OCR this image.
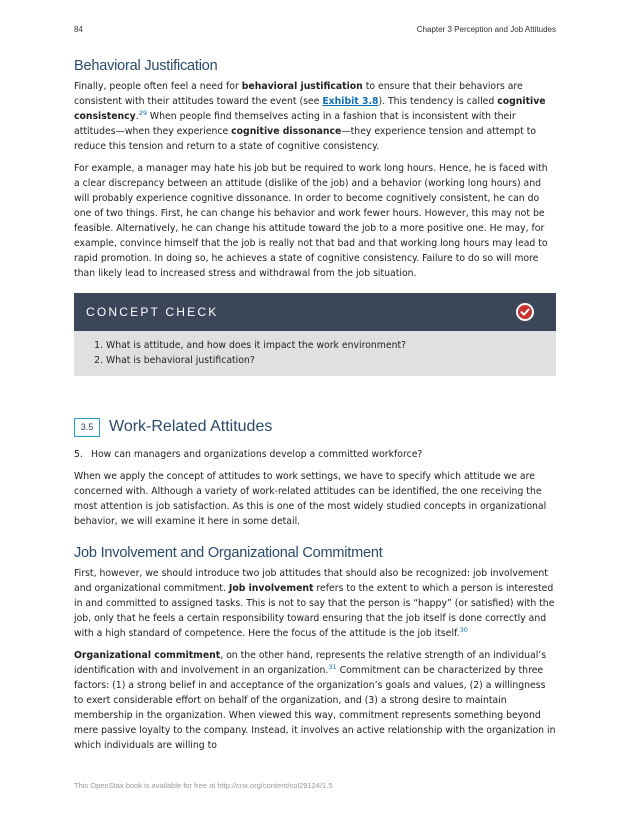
84	Chapter 3 Perception and Job Attitudes
Behavioral Justification

Finally, people often feel a need for behavioral justification to ensure that their behaviors are consistent with their attitudes toward the event (see Exhibit 3.8). This tendency is called cognitive consistency.$^{29}$ When people find themselves acting in a fashion that is inconsistent with their attitudes—when they experience cognitive dissonance—they experience tension and attempt to reduce this tension and return to a state of cognitive consistency.

For example, a manager may hate his job but be required to work long hours. Hence, he is faced with a clear discrepancy between an attitude (dislike of the job) and a behavior (working long hours) and will probably experience cognitive dissonance. In order to become cognitively consistent, he can do one of two things. First, he can change his behavior and work fewer hours. However, this may not be feasible. Alternatively, he can change his attitude toward the job to a more positive one. He may, for example, convince himself that the job is really not that bad and that working long hours may lead to rapid promotion. In doing so, he achieves a state of cognitive consistency. Failure to do so will more than likely lead to increased stress and withdrawal from the job situation.

CONCEPT CHECK
1. What is attitude, and how does it impact the work environment?
2. What is behavioral justification?
3.5 Work-Related Attitudes
5. How can managers and organizations develop a committed workforce?

When we apply the concept of attitudes to work settings, we have to specify which attitude we are concerned with. Although a variety of work-related attitudes can be identified, the one receiving the most attention is job satisfaction. As this is one of the most widely studied concepts in organizational behavior, we will examine it here in some detail.

Job Involvement and Organizational Commitment

First, however, we should introduce two job attitudes that should also be recognized: job involvement and organizational commitment. Job involvement refers to the extent to which a person is interested in and committed to assigned tasks. This is not to say that the person is “happy” (or satisfied) with the job, only that he feels a certain responsibility toward ensuring that the job itself is done correctly and with a high standard of competence. Here the focus of the attitude is the job itself.$^{30}$

Organizational commitment, on the other hand, represents the relative strength of an individual’s identification with and involvement in an organization.$^{31}$ Commitment can be characterized by three factors: (1) a strong belief in and acceptance of the organization’s goals and values, (2) a willingness to exert considerable effort on behalf of the organization, and (3) a strong desire to maintain membership in the organization. When viewed this way, commitment represents something beyond mere passive loyalty to the company. Instead, it involves an active relationship with the organization in which individuals are willing to

This OpenStax book is available for free at http://cnx.org/content/col29124/1.5
